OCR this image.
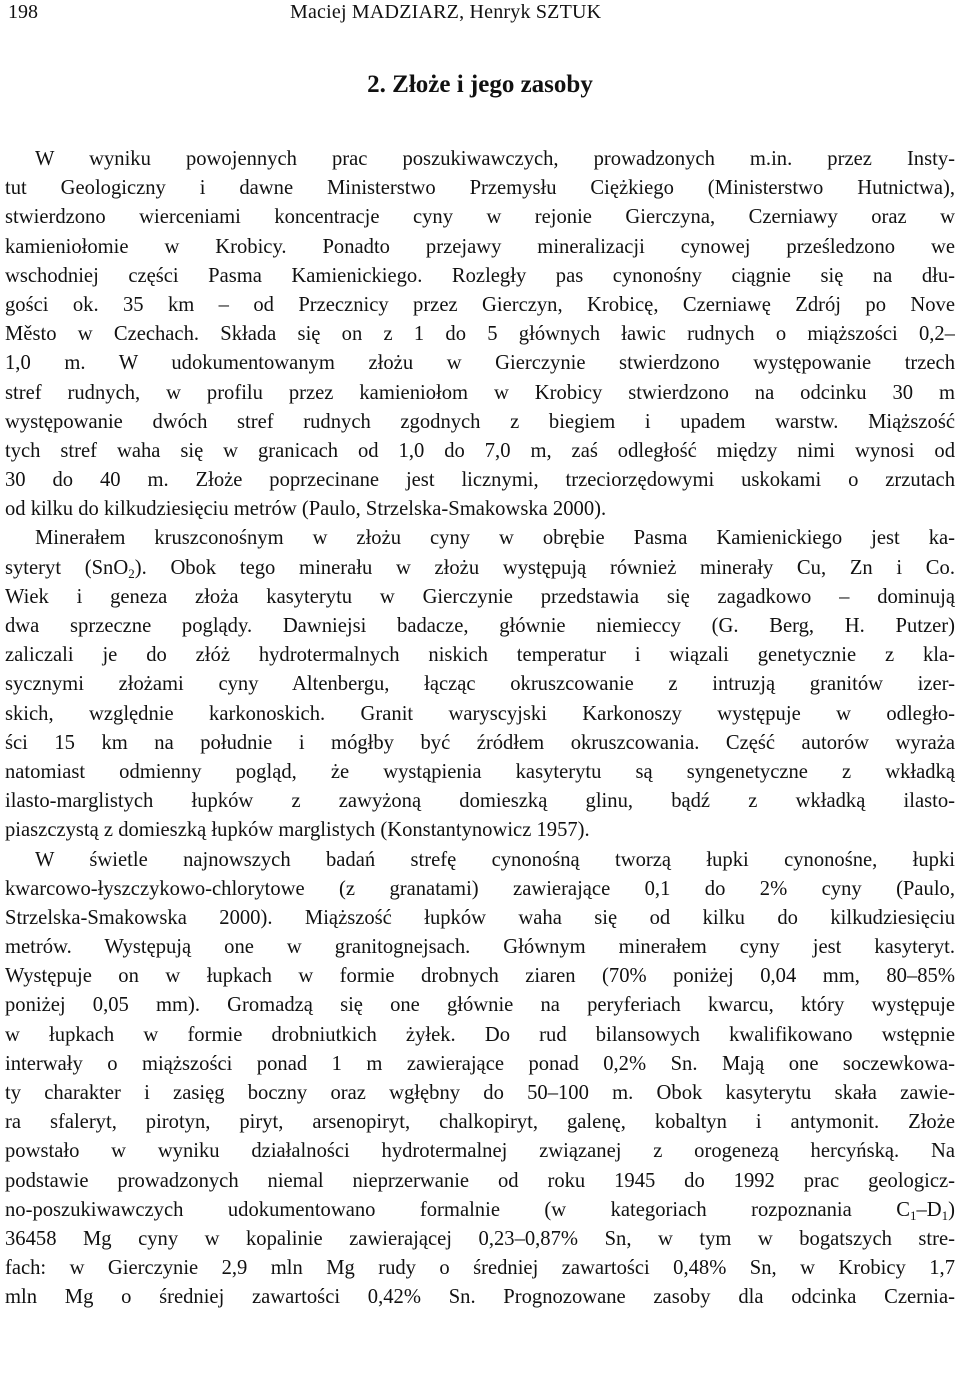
198	Maciej MADZIARZ, Henryk SZTUK
2. Złoże i jego zasoby
W wyniku powojennych prac poszukiwawczych, prowadzonych m.in. przez Insty-
tut Geologiczny i dawne Ministerstwo Przemysłu Ciężkiego (Ministerstwo Hutnictwa),
stwierdzono wierceniami koncentracje cyny w rejonie Gierczyna, Czerniawy oraz w
kamieniołomie w Krobicy. Ponadto przejawy mineralizacji cynowej prześledzono we
wschodniej części Pasma Kamienickiego. Rozległy pas cynonośny ciągnie się na dłu-
gości ok. 35 km – od Przecznicy przez Gierczyn, Krobicę, Czerniawę Zdrój po Nove
Město w Czechach. Składa się on z 1 do 5 głównych ławic rudnych o miąższości 0,2–
1,0 m. W udokumentowanym złożu w Gierczynie stwierdzono występowanie trzech
stref rudnych, w profilu przez kamieniołom w Krobicy stwierdzono na odcinku 30 m
występowanie dwóch stref rudnych zgodnych z biegiem i upadem warstw. Miąższość
tych stref waha się w granicach od 1,0 do 7,0 m, zaś odległość między nimi wynosi od
30 do 40 m. Złoże poprzecinane jest licznymi, trzeciorzędowymi uskokami o zrzutach
od kilku do kilkudziesięciu metrów (Paulo, Strzelska-Smakowska 2000).
Minerałem kruszconośnym w złożu cyny w obrębie Pasma Kamienickiego jest ka-
syteryt (SnO$_2$). Obok tego minerału w złożu występują również minerały Cu, Zn i Co.
Wiek i geneza złoża kasyterytu w Gierczynie przedstawia się zagadkowo – dominują
dwa sprzeczne poglądy. Dawniejsi badacze, głównie niemieccy (G. Berg, H. Putzer)
zaliczali je do złóż hydrotermalnych niskich temperatur i wiązali genetycznie z kla-
sycznymi złożami cyny Altenbergu, łącząc okruszcowanie z intruzją granitów izer-
skich, względnie karkonoskich. Granit waryscyjski Karkonoszy występuje w odległo-
ści 15 km na południe i mógłby być źródłem okruszcowania. Część autorów wyraża
natomiast odmienny pogląd, że wystąpienia kasyterytu są syngenetyczne z wkładką
ilasto-marglistych łupków z zawyżoną domieszką glinu, bądź z wkładką ilasto-
piaszczystą z domieszką łupków marglistych (Konstantynowicz 1957).
W świetle najnowszych badań strefę cynonośną tworzą łupki cynonośne, łupki
kwarcowo-łyszczykowo-chlorytowe (z granatami) zawierające 0,1 do 2% cyny (Paulo,
Strzelska-Smakowska 2000). Miąższość łupków waha się od kilku do kilkudziesięciu
metrów. Występują one w granitognejsach. Głównym minerałem cyny jest kasyteryt.
Występuje on w łupkach w formie drobnych ziaren (70% poniżej 0,04 mm, 80–85%
poniżej 0,05 mm). Gromadzą się one głównie na peryferiach kwarcu, który występuje
w łupkach w formie drobniutkich żyłek. Do rud bilansowych kwalifikowano wstępnie
interwały o miąższości ponad 1 m zawierające ponad 0,2% Sn. Mają one soczewkowa-
ty charakter i zasięg boczny oraz wgłębny do 50–100 m. Obok kasyterytu skała zawie-
ra sfaleryt, pirotyn, piryt, arsenopiryt, chalkopiryt, galenę, kobaltyn i antymonit. Złoże
powstało w wyniku działalności hydrotermalnej związanej z orogenezą hercyńską. Na
podstawie prowadzonych niemal nieprzerwanie od roku 1945 do 1992 prac geologicz-
no-poszukiwawczych udokumentowano formalnie (w kategoriach rozpoznania $C_1-D_1$)
36458 Mg cyny w kopalinie zawierającej 0,23–0,87% Sn, w tym w bogatszych stre-
fach: w Gierczynie 2,9 mln Mg rudy o średniej zawartości 0,48% Sn, w Krobicy 1,7
mln Mg o średniej zawartości 0,42% Sn. Prognozowane zasoby dla odcinka Czernia-
